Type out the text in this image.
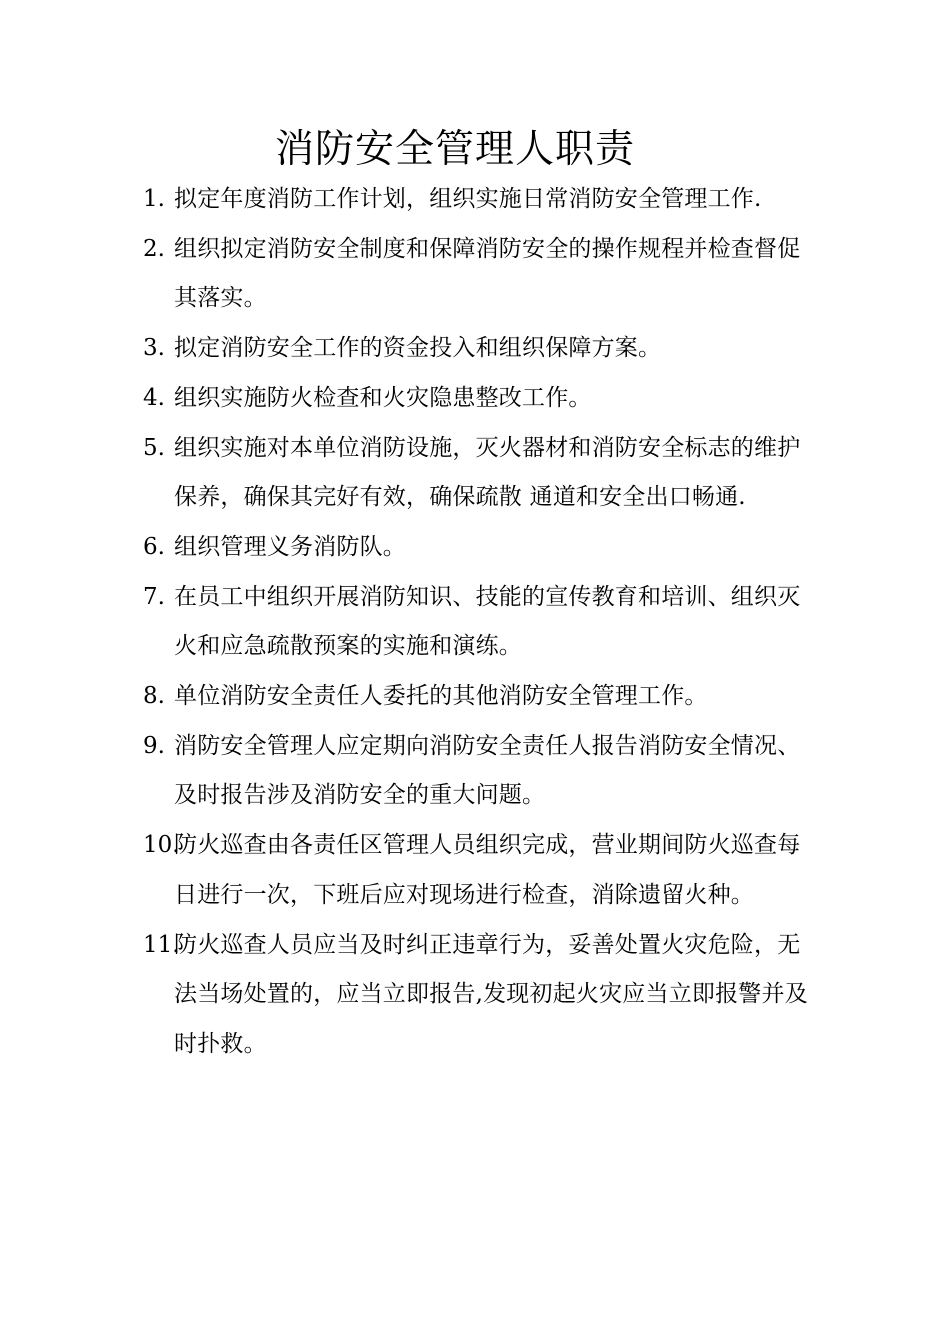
消防安全管理人职责
1. 拟定年度消防工作计划，组织实施日常消防安全管理工作.
2. 组织拟定消防安全制度和保障消防安全的操作规程并检查督促其落实。
3. 拟定消防安全工作的资金投入和组织保障方案。
4. 组织实施防火检查和火灾隐患整改工作。
5. 组织实施对本单位消防设施，灭火器材和消防安全标志的维护保养，确保其完好有效，确保疏散 通道和安全出口畅通.
6. 组织管理义务消防队。
7. 在员工中组织开展消防知识、技能的宣传教育和培训、组织灭火和应急疏散预案的实施和演练。
8. 单位消防安全责任人委托的其他消防安全管理工作。
9. 消防安全管理人应定期向消防安全责任人报告消防安全情况、及时报告涉及消防安全的重大问题。
10.
防火巡查由各责任区管理人员组织完成，营业期间防火巡查每日进行一次，下班后应对现场进行检查，消除遗留火种。
11.
防火巡查人员应当及时纠正违章行为，妥善处置火灾危险，无法当场处置的，应当立即报告,发现初起火灾应当立即报警并及时扑救。
